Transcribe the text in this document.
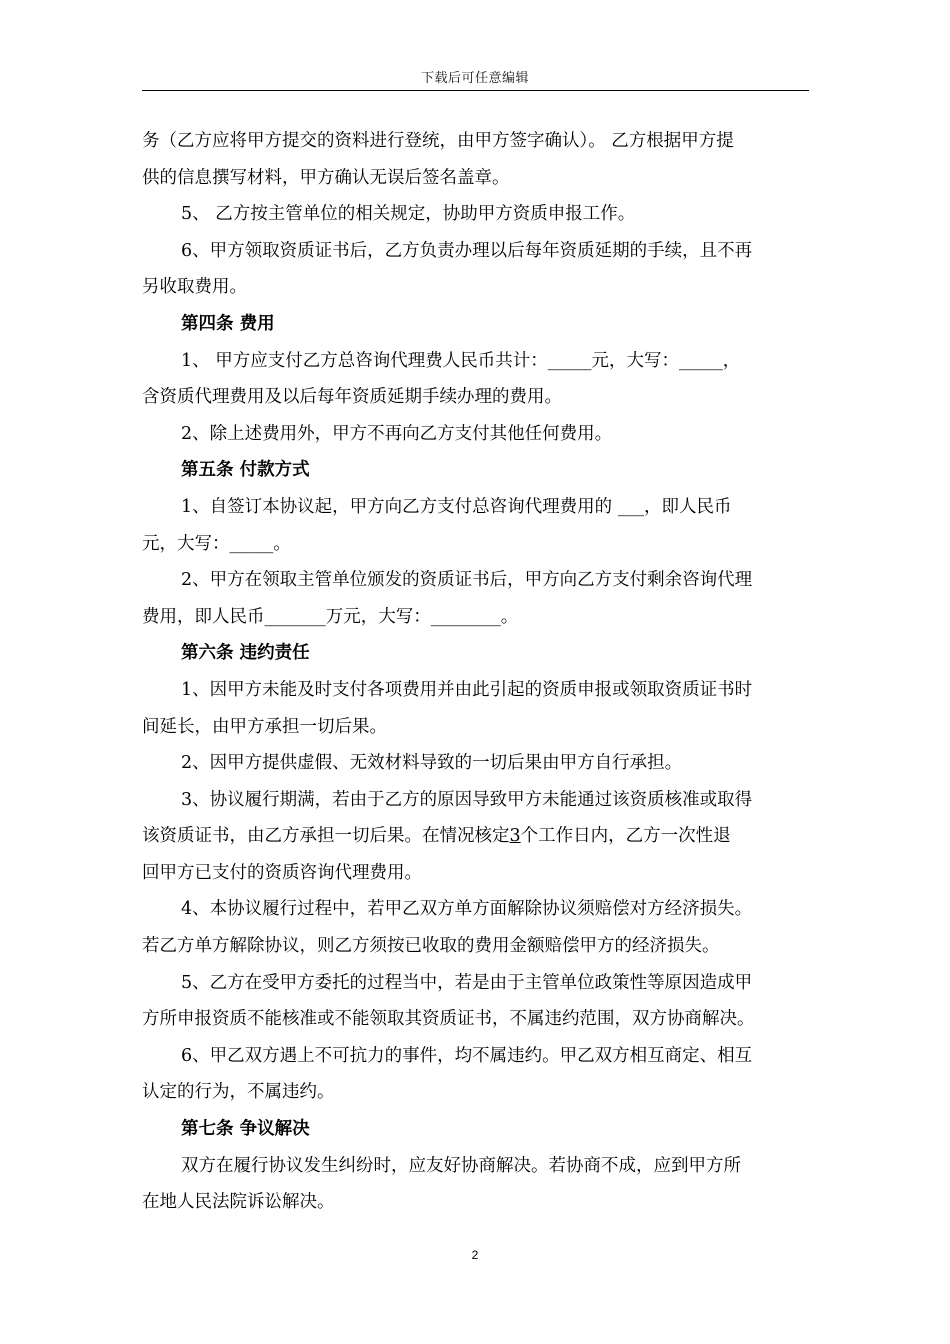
下载后可任意编辑

务（乙方应将甲方提交的资料进行登统，由甲方签字确认）。 乙方根据甲方提

供的信息撰写材料，甲方确认无误后签名盖章。

5、 乙方按主管单位的相关规定，协助甲方资质申报工作。

6、甲方领取资质证书后，乙方负责办理以后每年资质延期的手续，且不再

另收取费用。

第四条 费用

1、 甲方应支付乙方总咨询代理费人民币共计：_____元，大写：_____，

含资质代理费用及以后每年资质延期手续办理的费用。

2、除上述费用外，甲方不再向乙方支付其他任何费用。

第五条 付款方式

1、自签订本协议起，甲方向乙方支付总咨询代理费用的 ___，即人民币

元，大写：_____。

2、甲方在领取主管单位颁发的资质证书后，甲方向乙方支付剩余咨询代理

费用，即人民币_______万元，大写：________。

第六条 违约责任

1、因甲方未能及时支付各项费用并由此引起的资质申报或领取资质证书时

间延长，由甲方承担一切后果。

2、因甲方提供虚假、无效材料导致的一切后果由甲方自行承担。

3、协议履行期满，若由于乙方的原因导致甲方未能通过该资质核准或取得

该资质证书，由乙方承担一切后果。在情况核定3个工作日内，乙方一次性退

回甲方已支付的资质咨询代理费用。

4、本协议履行过程中，若甲乙双方单方面解除协议须赔偿对方经济损失。

若乙方单方解除协议，则乙方须按已收取的费用金额赔偿甲方的经济损失。

5、乙方在受甲方委托的过程当中，若是由于主管单位政策性等原因造成甲

方所申报资质不能核准或不能领取其资质证书，不属违约范围，双方协商解决。

6、甲乙双方遇上不可抗力的事件，均不属违约。甲乙双方相互商定、相互

认定的行为，不属违约。

第七条 争议解决

双方在履行协议发生纠纷时，应友好协商解决。若协商不成，应到甲方所

在地人民法院诉讼解决。

2
